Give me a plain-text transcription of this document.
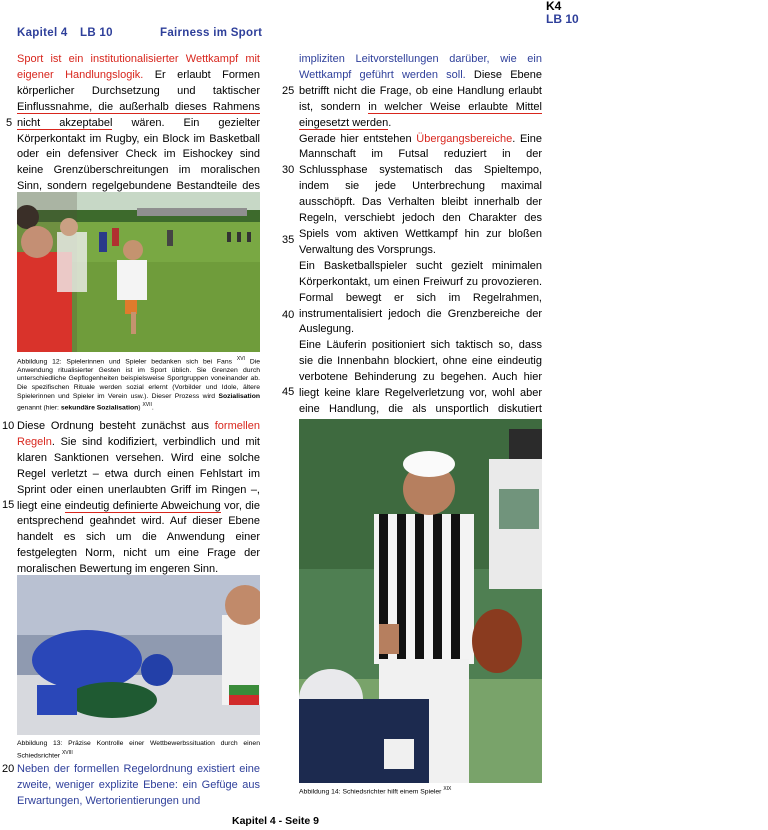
Kapitel 4 LB 10	Fairness im Sport
K4
LB 10

Sport ist ein institutionalisierter Wettkampf mit eigener Handlungslogik. Er erlaubt Formen körperlicher Durchsetzung und taktischer Einflussnahme, die außerhalb dieses Rahmens nicht akzeptabel wären. Ein gezielter Körperkontakt im Rugby, ein Block im Basketball oder ein defensiver Check im Eishockey sind keine Grenzüberschreitungen im moralischen Sinn, sondern regelgebundene Bestandteile des

Abbildung 12: Spielerinnen und Spieler bedanken sich bei Fans $^{XVI}$ Die Anwendung ritualisierter Gesten ist im Sport üblich. Sie Grenzen durch unterschiedliche Gepflogenheiten beispielsweise Sportgruppen voneinander ab. Die spezifischen Rituale werden sozial erlernt (Vorbilder und Idole, ältere Spielerinnen und Spieler im Verein usw.). Dieser Prozess wird Sozialisation genannt (hier: sekundäre Sozialisation) $^{XVII}$.

Diese Ordnung besteht zunächst aus formellen Regeln. Sie sind kodifiziert, verbindlich und mit klaren Sanktionen versehen. Wird eine solche Regel verletzt – etwa durch einen Fehlstart im Sprint oder einen unerlaubten Griff im Ringen –, liegt eine eindeutig definierte Abweichung vor, die entsprechend geahndet wird. Auf dieser Ebene handelt es sich um die Anwendung einer festgelegten Norm, nicht um eine Frage der moralischen Bewertung im engeren Sinn.

Abbildung 13: Präzise Kontrolle einer Wettbewerbssituation durch einen Schiedsrichter $^{XVIII}$

Neben der formellen Regelordnung existiert eine zweite, weniger explizite Ebene: ein Gefüge aus Erwartungen, Wertorientierungen und

impliziten Leitvorstellungen darüber, wie ein Wettkampf geführt werden soll. Diese Ebene betrifft nicht die Frage, ob eine Handlung erlaubt ist, sondern in welcher Weise erlaubte Mittel eingesetzt werden.

Gerade hier entstehen Übergangsbereiche. Eine Mannschaft im Futsal reduziert in der Schlussphase systematisch das Spieltempo, indem sie jede Unterbrechung maximal ausschöpft. Das Verhalten bleibt innerhalb der Regeln, verschiebt jedoch den Charakter des Spiels vom aktiven Wettkampf hin zur bloßen Verwaltung des Vorsprungs.

Ein Basketballspieler sucht gezielt minimalen Körperkontakt, um einen Freiwurf zu provozieren. Formal bewegt er sich im Regelrahmen, instrumentalisiert jedoch die Grenzbereiche der Auslegung.

Eine Läuferin positioniert sich taktisch so, dass sie die Innenbahn blockiert, ohne eine eindeutig verbotene Behinderung zu begehen. Auch hier liegt keine klare Regelverletzung vor, wohl aber eine Handlung, die als unsportlich diskutiert

Abbildung 14: Schiedsrichter hilft einem Spieler $^{XIX}$
5
10
15
20
25
30
35
40
45
Kapitel 4 - Seite 9
